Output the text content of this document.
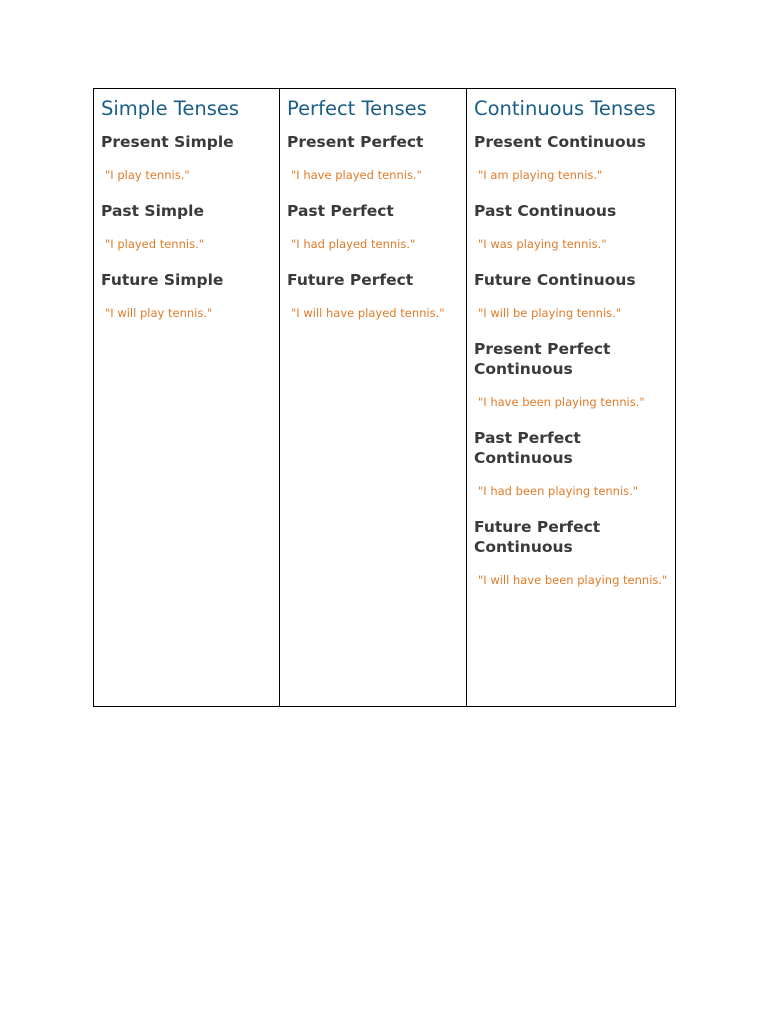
Simple Tenses
Present Simple
"I play tennis."
Past Simple
"I played tennis."
Future Simple
"I will play tennis."
Perfect Tenses
Present Perfect
"I have played tennis."
Past Perfect
"I had played tennis."
Future Perfect
"I will have played tennis."
Continuous Tenses
Present Continuous
"I am playing tennis."
Past Continuous
"I was playing tennis."
Future Continuous
"I will be playing tennis."
Present Perfect Continuous
"I have been playing tennis."
Past Perfect Continuous
"I had been playing tennis."
Future Perfect Continuous
"I will have been playing tennis."
